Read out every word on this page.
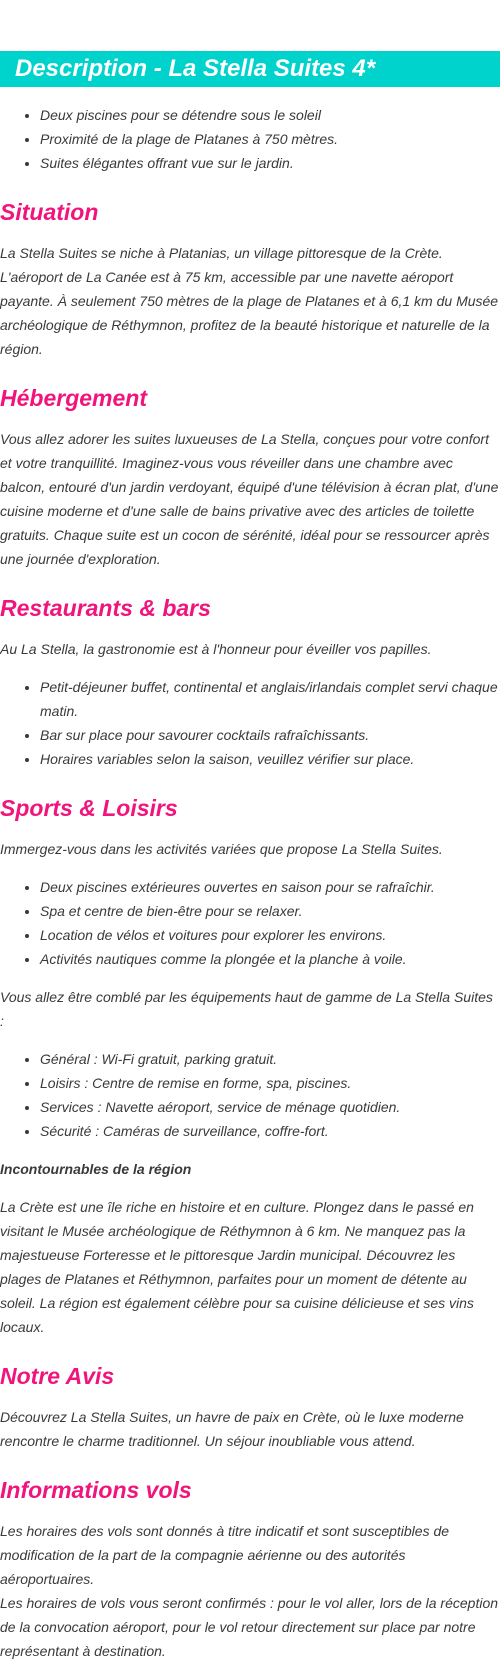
Description - La Stella Suites 4*
• Deux piscines pour se détendre sous le soleil
• Proximité de la plage de Platanes à 750 mètres.
• Suites élégantes offrant vue sur le jardin.
Situation

La Stella Suites se niche à Platanias, un village pittoresque de la Crète. L'aéroport de La Canée est à 75 km, accessible par une navette aéroport payante. À seulement 750 mètres de la plage de Platanes et à 6,1 km du Musée archéologique de Réthymnon, profitez de la beauté historique et naturelle de la région.

Hébergement

Vous allez adorer les suites luxueuses de La Stella, conçues pour votre confort et votre tranquillité. Imaginez-vous vous réveiller dans une chambre avec balcon, entouré d'un jardin verdoyant, équipé d'une télévision à écran plat, d'une cuisine moderne et d'une salle de bains privative avec des articles de toilette gratuits. Chaque suite est un cocon de sérénité, idéal pour se ressourcer après une journée d'exploration.

Restaurants & bars

Au La Stella, la gastronomie est à l'honneur pour éveiller vos papilles.

• Petit-déjeuner buffet, continental et anglais/irlandais complet servi chaque matin.
• Bar sur place pour savourer cocktails rafraîchissants.
• Horaires variables selon la saison, veuillez vérifier sur place.
Sports & Loisirs

Immergez-vous dans les activités variées que propose La Stella Suites.

• Deux piscines extérieures ouvertes en saison pour se rafraîchir.
• Spa et centre de bien-être pour se relaxer.
• Location de vélos et voitures pour explorer les environs.
• Activités nautiques comme la plongée et la planche à voile.

Vous allez être comblé par les équipements haut de gamme de La Stella Suites :

• Général : Wi-Fi gratuit, parking gratuit.
• Loisirs : Centre de remise en forme, spa, piscines.
• Services : Navette aéroport, service de ménage quotidien.
• Sécurité : Caméras de surveillance, coffre-fort.
Incontournables de la région

La Crète est une île riche en histoire et en culture. Plongez dans le passé en visitant le Musée archéologique de Réthymnon à 6 km. Ne manquez pas la majestueuse Forteresse et le pittoresque Jardin municipal. Découvrez les plages de Platanes et Réthymnon, parfaites pour un moment de détente au soleil. La région est également célèbre pour sa cuisine délicieuse et ses vins locaux.

Notre Avis

Découvrez La Stella Suites, un havre de paix en Crète, où le luxe moderne rencontre le charme traditionnel. Un séjour inoubliable vous attend.

Informations vols

Les horaires des vols sont donnés à titre indicatif et sont susceptibles de modification de la part de la compagnie aérienne ou des autorités aéroportuaires.

Les horaires de vols vous seront confirmés : pour le vol aller, lors de la réception de la convocation aéroport, pour le vol retour directement sur place par notre représentant à destination.
